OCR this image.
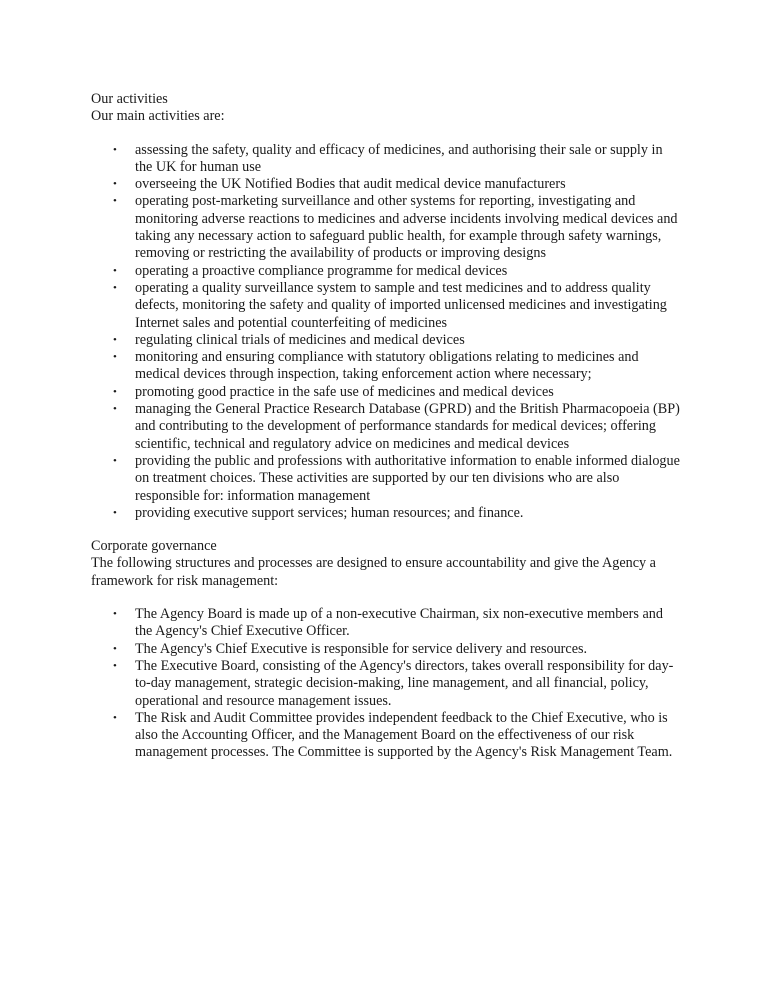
Our activities

Our main activities are:

• assessing the safety, quality and efficacy of medicines, and authorising their sale or supply in the UK for human use
• overseeing the UK Notified Bodies that audit medical device manufacturers
• operating post-marketing surveillance and other systems for reporting, investigating and monitoring adverse reactions to medicines and adverse incidents involving medical devices and taking any necessary action to safeguard public health, for example through safety warnings, removing or restricting the availability of products or improving designs
• operating a proactive compliance programme for medical devices
• operating a quality surveillance system to sample and test medicines and to address quality defects, monitoring the safety and quality of imported unlicensed medicines and investigating Internet sales and potential counterfeiting of medicines
• regulating clinical trials of medicines and medical devices
• monitoring and ensuring compliance with statutory obligations relating to medicines and medical devices through inspection, taking enforcement action where necessary;
• promoting good practice in the safe use of medicines and medical devices
• managing the General Practice Research Database (GPRD) and the British Pharmacopoeia (BP) and contributing to the development of performance standards for medical devices; offering scientific, technical and regulatory advice on medicines and medical devices
• providing the public and professions with authoritative information to enable informed dialogue on treatment choices. These activities are supported by our ten divisions who are also responsible for: information management
• providing executive support services; human resources; and finance.

Corporate governance

The following structures and processes are designed to ensure accountability and give the Agency a framework for risk management:

• The Agency Board is made up of a non-executive Chairman, six non-executive members and the Agency's Chief Executive Officer.
• The Agency's Chief Executive is responsible for service delivery and resources.
• The Executive Board, consisting of the Agency's directors, takes overall responsibility for day-to-day management, strategic decision-making, line management, and all financial, policy, operational and resource management issues.
• The Risk and Audit Committee provides independent feedback to the Chief Executive, who is also the Accounting Officer, and the Management Board on the effectiveness of our risk management processes. The Committee is supported by the Agency's Risk Management Team.
